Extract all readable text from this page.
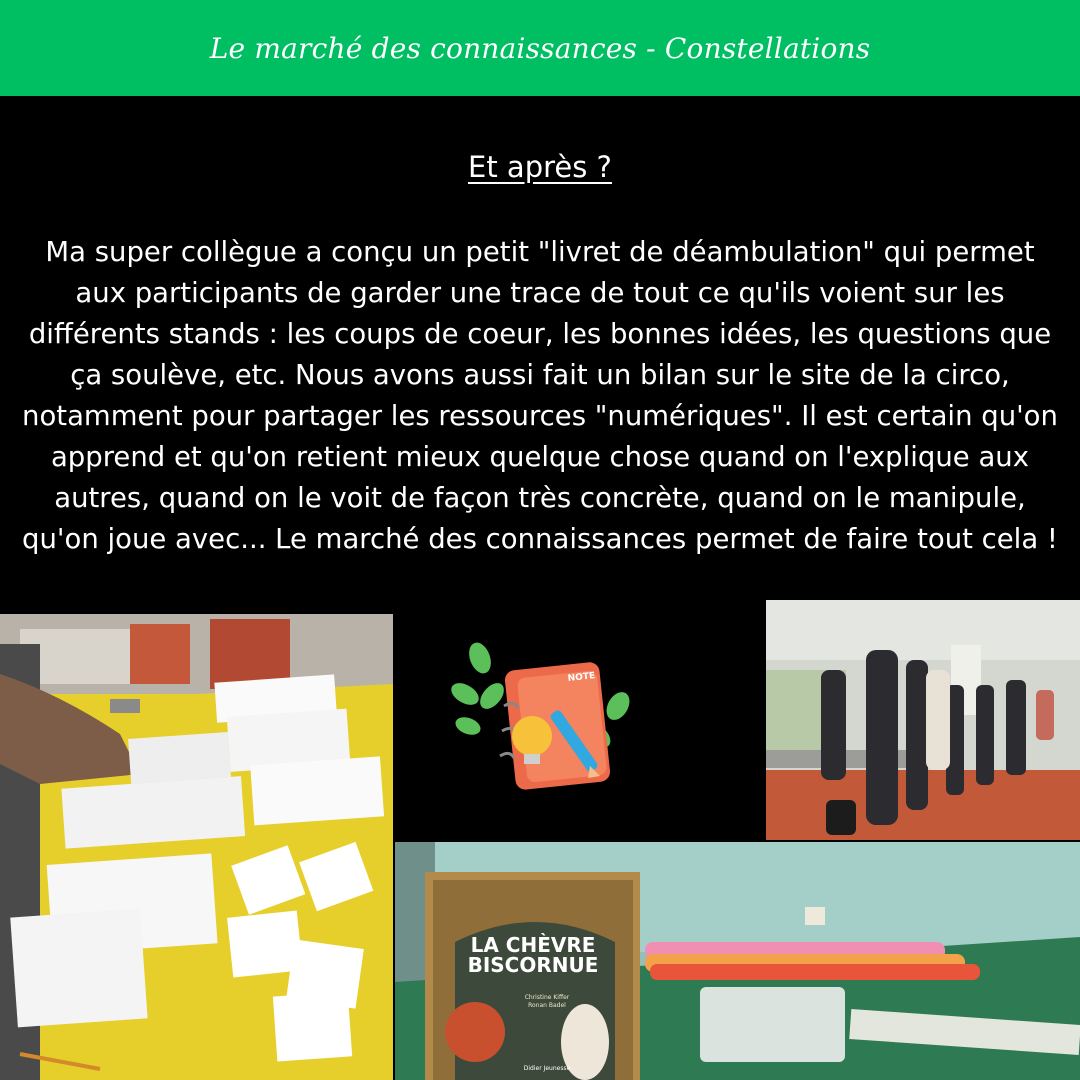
Le marché des connaissances - Constellations
Et après ?
Ma super collègue a conçu un petit "livret de déambulation" qui permet aux participants de garder une trace de tout ce qu'ils voient sur les différents stands : les coups de coeur, les bonnes idées, les questions que ça soulève, etc. Nous avons aussi fait un bilan sur le site de la circo, notamment pour partager les ressources "numériques". Il est certain qu'on apprend et qu'on retient mieux quelque chose quand on l'explique aux autres, quand on le voit de façon très concrète, quand on le manipule, qu'on joue avec... Le marché des connaissances permet de faire tout cela !
NOTE
LA CHÈVRE
BISCORNUE
Christine Kiffer
Ronan Badel
Didier Jeunesse
